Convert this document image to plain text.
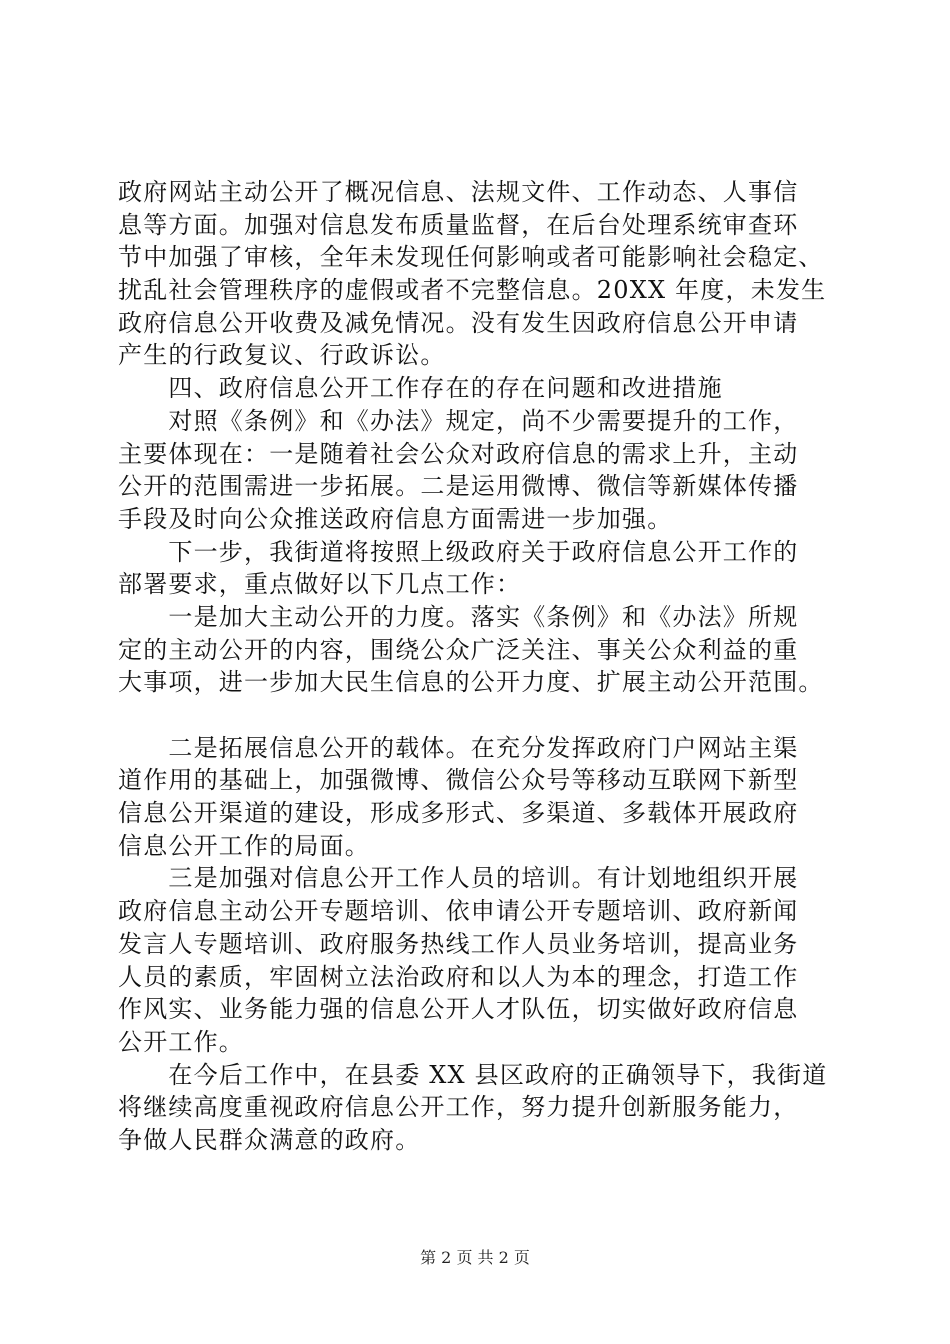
政府网站主动公开了概况信息、法规文件、工作动态、人事信
息等方面。加强对信息发布质量监督，在后台处理系统审查环
节中加强了审核，全年未发现任何影响或者可能影响社会稳定、
扰乱社会管理秩序的虚假或者不完整信息。20XX 年度，未发生
政府信息公开收费及减免情况。没有发生因政府信息公开申请
产生的行政复议、行政诉讼。
　　四、政府信息公开工作存在的存在问题和改进措施
　　对照《条例》和《办法》规定，尚不少需要提升的工作，
主要体现在：一是随着社会公众对政府信息的需求上升，主动
公开的范围需进一步拓展。二是运用微博、微信等新媒体传播
手段及时向公众推送政府信息方面需进一步加强。
　　下一步，我街道将按照上级政府关于政府信息公开工作的
部署要求，重点做好以下几点工作：
　　一是加大主动公开的力度。落实《条例》和《办法》所规
定的主动公开的内容，围绕公众广泛关注、事关公众利益的重
大事项，进一步加大民生信息的公开力度、扩展主动公开范围。
　　二是拓展信息公开的载体。在充分发挥政府门户网站主渠
道作用的基础上，加强微博、微信公众号等移动互联网下新型
信息公开渠道的建设，形成多形式、多渠道、多载体开展政府
信息公开工作的局面。
　　三是加强对信息公开工作人员的培训。有计划地组织开展
政府信息主动公开专题培训、依申请公开专题培训、政府新闻
发言人专题培训、政府服务热线工作人员业务培训，提高业务
人员的素质，牢固树立法治政府和以人为本的理念，打造工作
作风实、业务能力强的信息公开人才队伍，切实做好政府信息
公开工作。
　　在今后工作中，在县委 XX 县区政府的正确领导下，我街道
将继续高度重视政府信息公开工作，努力提升创新服务能力，
争做人民群众满意的政府。
第 2 页 共 2 页
